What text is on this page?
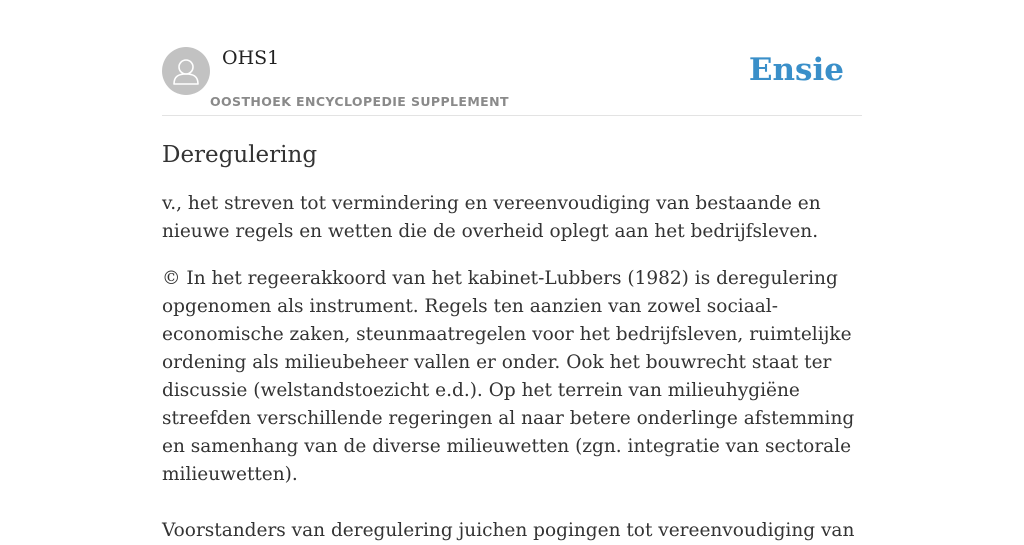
OHS1
OOSTHOEK ENCYCLOPEDIE SUPPLEMENT
Ensie
Deregulering

v., het streven tot vermindering en vereenvoudiging van bestaande en nieuwe regels en wetten die de overheid oplegt aan het bedrijfsleven.

© In het regeerakkoord van het kabinet-Lubbers (1982) is deregulering opgenomen als instrument. Regels ten aanzien van zowel sociaal-economische zaken, steunmaatregelen voor het bedrijfsleven, ruimtelijke ordening als milieubeheer vallen er onder. Ook het bouwrecht staat ter discussie (welstandstoezicht e.d.). Op het terrein van milieuhygiëne streefden verschillende regeringen al naar betere onderlinge afstemming en samenhang van de diverse milieuwetten (zgn. integratie van sectorale milieuwetten).

Voorstanders van deregulering juichen pogingen tot vereenvoudiging van
